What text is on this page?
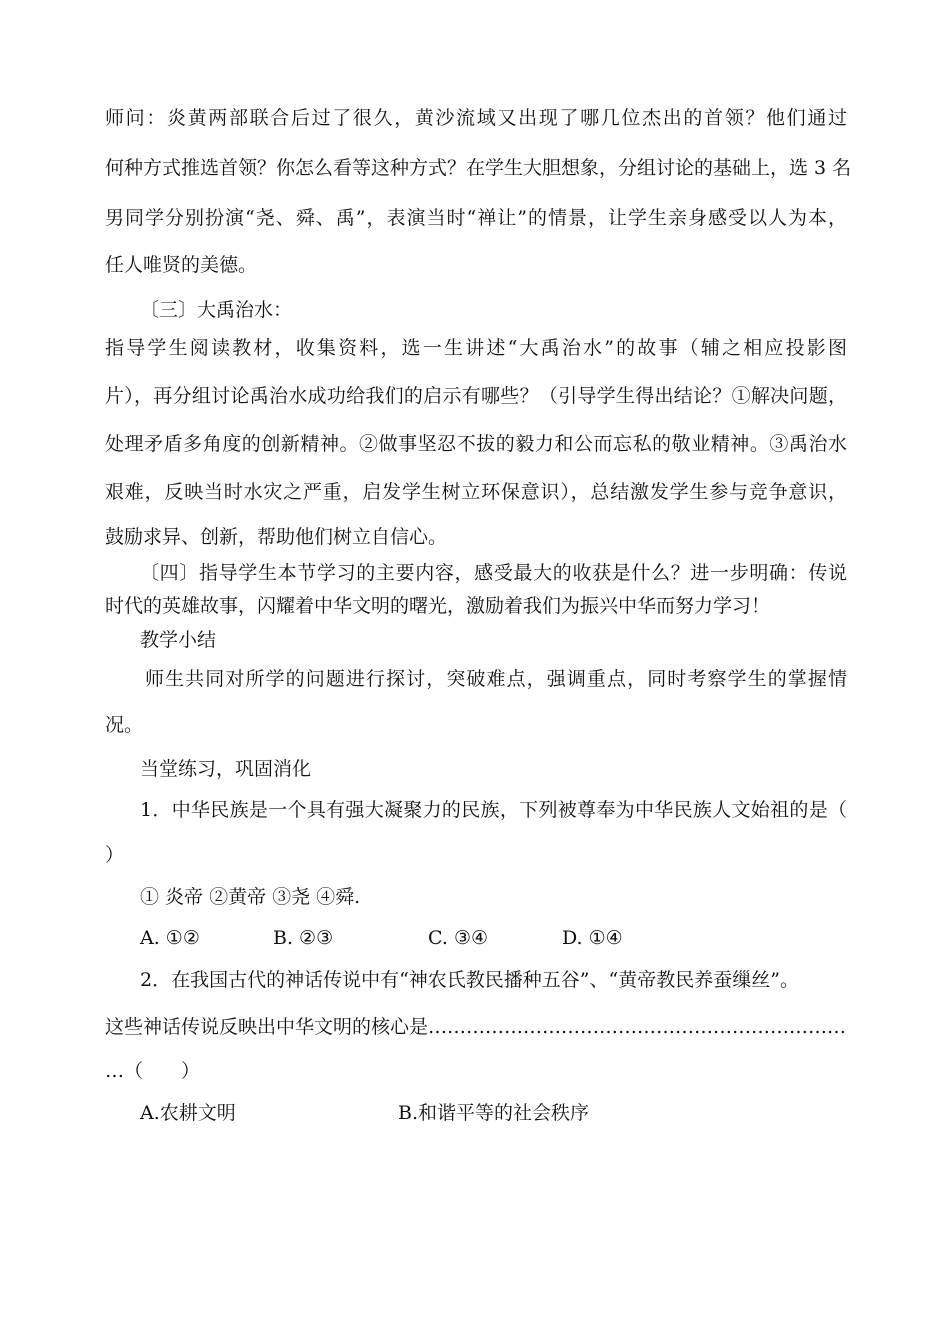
师问：炎黄两部联合后过了很久，黄沙流域又出现了哪几位杰出的首领？他们通过
何种方式推选首领？你怎么看等这种方式？在学生大胆想象，分组讨论的基础上，选 3 名
男同学分别扮演“尧、舜、禹”，表演当时“禅让”的情景，让学生亲身感受以人为本，
任人唯贤的美德。
〔三〕大禹治水：
指导学生阅读教材，收集资料，选一生讲述“大禹治水”的故事（辅之相应投影图
片），再分组讨论禹治水成功给我们的启示有哪些？（引导学生得出结论？①解决问题，
处理矛盾多角度的创新精神。②做事坚忍不拔的毅力和公而忘私的敬业精神。③禹治水
艰难，反映当时水灾之严重，启发学生树立环保意识），总结激发学生参与竞争意识，
鼓励求异、创新，帮助他们树立自信心。
〔四〕指导学生本节学习的主要内容，感受最大的收获是什么？进一步明确：传说
时代的英雄故事，闪耀着中华文明的曙光，激励着我们为振兴中华而努力学习！
教学小结
师生共同对所学的问题进行探讨，突破难点，强调重点，同时考察学生的掌握情
况。
当堂练习，巩固消化
1．中华民族是一个具有强大凝聚力的民族，下列被尊奉为中华民族人文始祖的是（
）
① 炎帝 ②黄帝 ③尧 ④舜.
A. ①②	B. ②③	C. ③④	D. ①④
2．在我国古代的神话传说中有“神农氏教民播种五谷”、“黄帝教民养蚕缫丝”。
这些神话传说反映出中华文明的核心是…………………………………………………………
…（　　）
A.农耕文明	B.和谐平等的社会秩序
